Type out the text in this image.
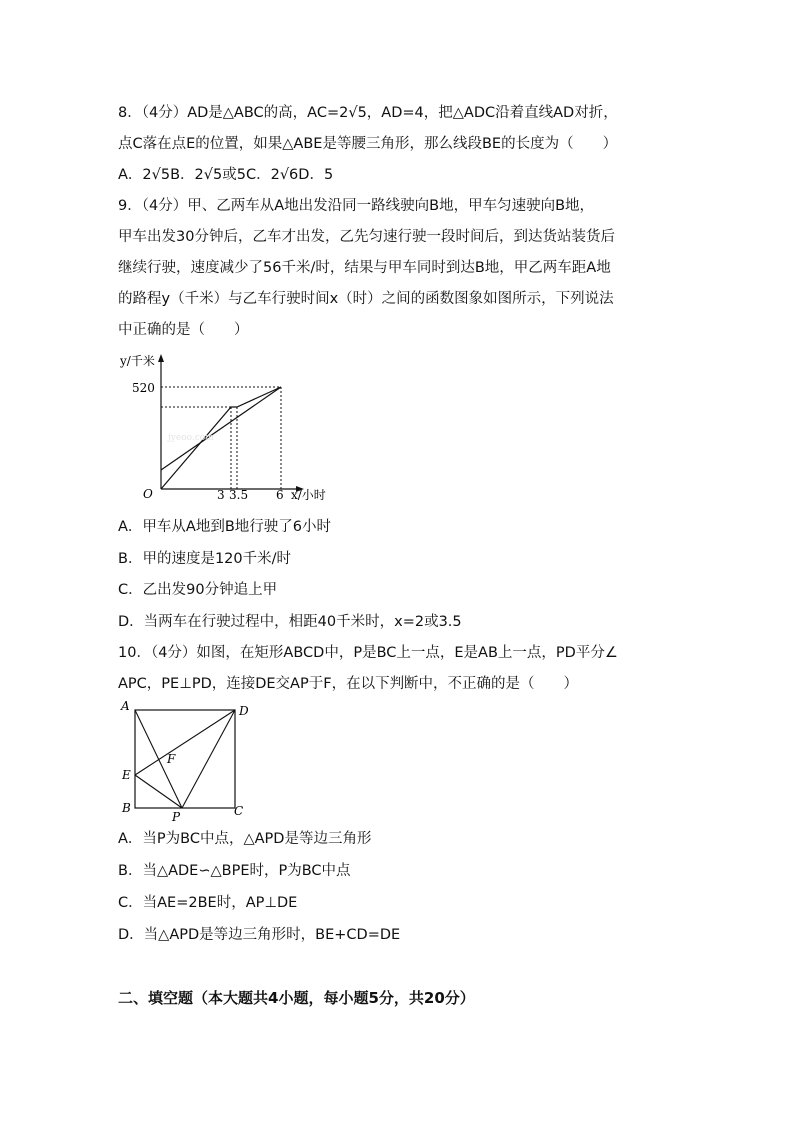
8．（4分）AD是△ABC的高，AC=2√5，AD=4，把△ADC沿着直线AD对折，
点C落在点E的位置，如果△ABE是等腰三角形，那么线段BE的长度为（　　）
A．2√5B．2√5或5C．2√6D．5
9．（4分）甲、乙两车从A地出发沿同一路线驶向B地，甲车匀速驶向B地，
甲车出发30分钟后，乙车才出发，乙先匀速行驶一段时间后，到达货站装货后
继续行驶，速度减少了56千米/时，结果与甲车同时到达B地，甲乙两车距A地
的路程y（千米）与乙车行驶时间x（时）之间的函数图象如图所示，下列说法
中正确的是（　　）
jyeoo.com
y/千米
520
O	3 3.5 6 x/小时
A．甲车从A地到B地行驶了6小时
B．甲的速度是120千米/时
C．乙出发90分钟追上甲
D．当两车在行驶过程中，相距40千米时，x=2或3.5
10．（4分）如图，在矩形ABCD中，P是BC上一点，E是AB上一点，PD平分∠
APC，PE⊥PD，连接DE交AP于F，在以下判断中，不正确的是（　　）
A	D
E
F
B
P	C
A．当P为BC中点，△APD是等边三角形
B．当△ADE∽△BPE时，P为BC中点
C．当AE=2BE时，AP⊥DE
D．当△APD是等边三角形时，BE+CD=DE
二、填空题（本大题共4小题，每小题5分，共20分）
